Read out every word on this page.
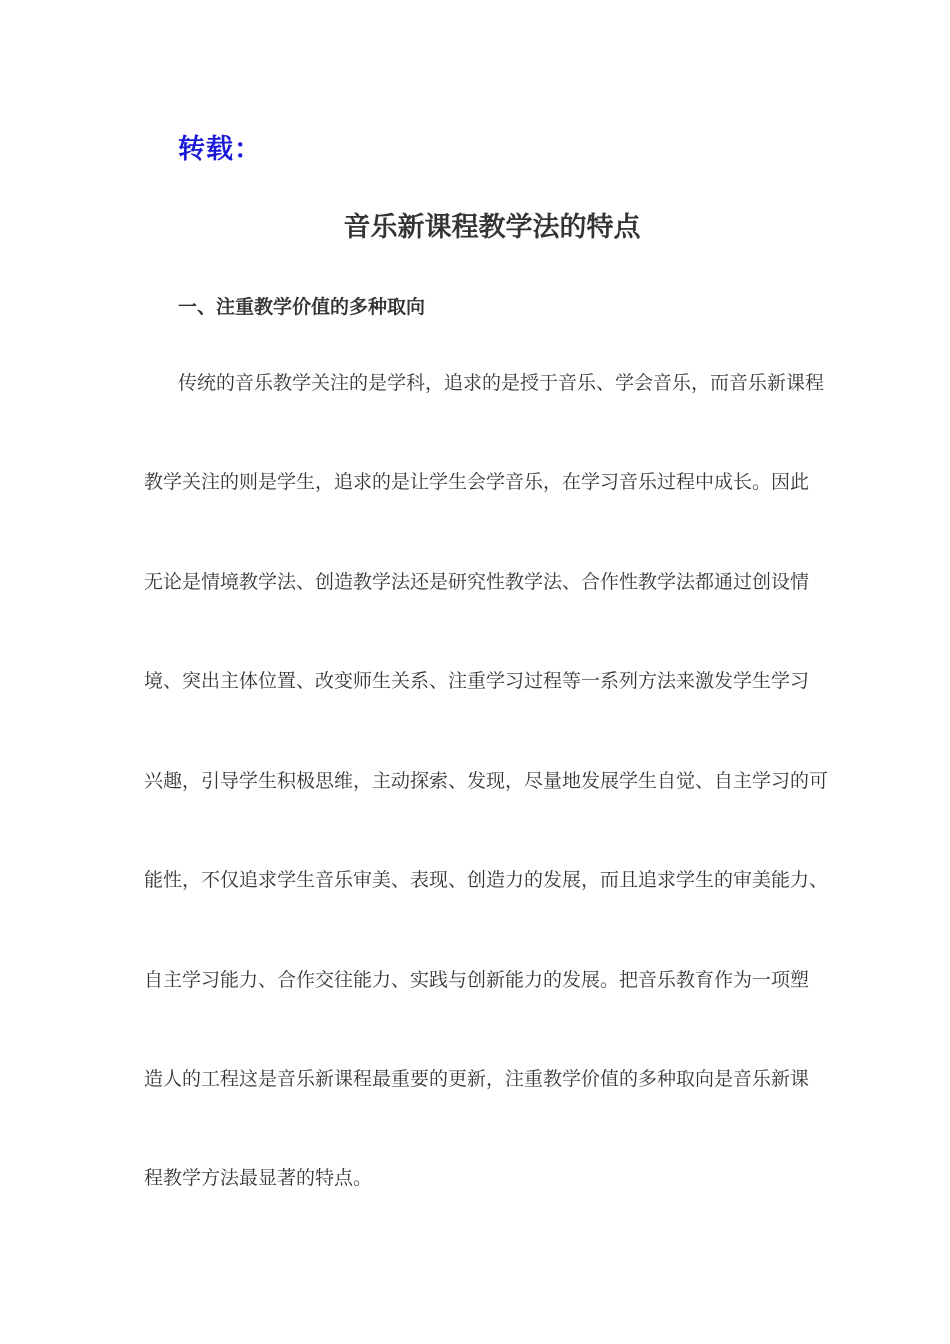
转载：
音乐新课程教学法的特点
一、注重教学价值的多种取向
传统的音乐教学关注的是学科，追求的是授于音乐、学会音乐，而音乐新课程
教学关注的则是学生，追求的是让学生会学音乐，在学习音乐过程中成长。因此
无论是情境教学法、创造教学法还是研究性教学法、合作性教学法都通过创设情
境、突出主体位置、改变师生关系、注重学习过程等一系列方法来激发学生学习
兴趣，引导学生积极思维，主动探索、发现，尽量地发展学生自觉、自主学习的可
能性，不仅追求学生音乐审美、表现、创造力的发展，而且追求学生的审美能力、
自主学习能力、合作交往能力、实践与创新能力的发展。把音乐教育作为一项塑
造人的工程这是音乐新课程最重要的更新，注重教学价值的多种取向是音乐新课
程教学方法最显著的特点。
